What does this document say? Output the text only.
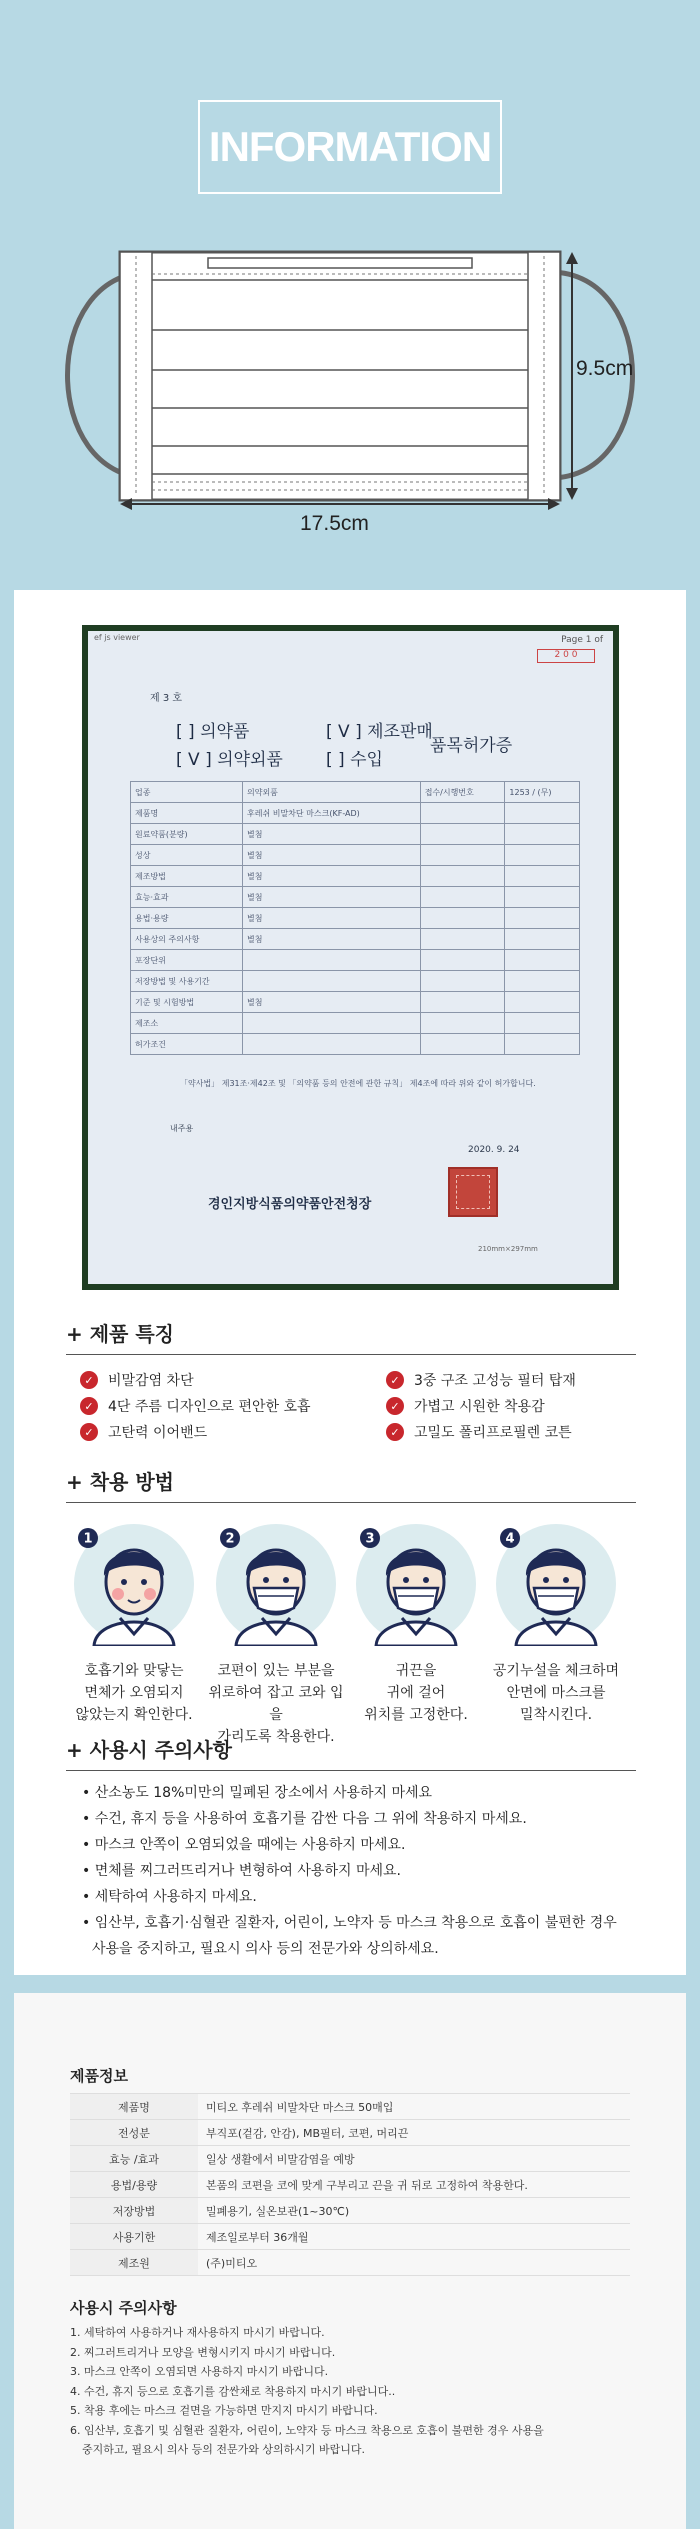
INFORMATION
17.5cm
9.5cm
ef js viewer	Page 1 of
2 0 0
제 3 호
[ ] 의약품
[ V ] 의약외품
[ V ] 제조판매
[ ] 수입
품목허가증
업종	의약외품	접수/시행번호	1253 / (무)
제품명	후레쉬 비말차단 마스크(KF-AD)		
원료약품(분량)	별첨		
성상	별첨		
제조방법	별첨		
효능·효과	별첨		
용법·용량	별첨		
사용상의 주의사항	별첨		
포장단위			
저장방법 및 사용기간			
기준 및 시험방법	별첨		
제조소			
허가조건			
「약사법」 제31조·제42조 및 「의약품 등의 안전에 관한 규칙」 제4조에 따라 위와 같이 허가합니다.
내주용
2020. 9. 24
경인지방식품의약품안전청장
210mm×297mm
+ 제품 특징
✓	비말감염 차단	✓	3중 구조 고성능 필터 탑재
✓	4단 주름 디자인으로 편안한 호흡	✓	가볍고 시원한 착용감
✓	고탄력 이어밴드	✓	고밀도 폴리프로필렌 코튼
+ 착용 방법
1
호흡기와 맞닿는
면체가 오염되지
않았는지 확인한다.
2
코편이 있는 부분을
위로하여 잡고 코와 입을
가리도록 착용한다.
3
귀끈을
귀에 걸어
위치를 고정한다.
4
공기누설을 체크하며
안면에 마스크를
밀착시킨다.
+ 사용시 주의사항
• 산소농도 18%미만의 밀폐된 장소에서 사용하지 마세요
• 수건, 휴지 등을 사용하여 호흡기를 감싼 다음 그 위에 착용하지 마세요.
• 마스크 안쪽이 오염되었을 때에는 사용하지 마세요.
• 면체를 찌그러뜨리거나 변형하여 사용하지 마세요.
• 세탁하여 사용하지 마세요.
• 임산부, 호흡기·심혈관 질환자, 어린이, 노약자 등 마스크 착용으로 호흡이 불편한 경우
사용을 중지하고, 필요시 의사 등의 전문가와 상의하세요.
제품정보
제품명	미티오 후레쉬 비말차단 마스크 50매입
전성분	부직포(겉감, 안감), MB필터, 코편, 머리끈
효능 /효과	일상 생활에서 비말감염을 예방
용법/용량	본품의 코편을 코에 맞게 구부리고 끈을 귀 뒤로 고정하여 착용한다.
저장방법	밀폐용기, 실온보관(1~30℃)
사용기한	제조일로부터 36개월
제조원	(주)미티오
사용시 주의사항
1. 세탁하여 사용하거나 재사용하지 마시기 바랍니다.
2. 찌그러트리거나 모양을 변형시키지 마시기 바랍니다.
3. 마스크 안쪽이 오염되면 사용하지 마시기 바랍니다.
4. 수건, 휴지 등으로 호흡기를 감싼채로 착용하지 마시기 바랍니다..
5. 착용 후에는 마스크 겉면을 가능하면 만지지 마시기 바랍니다.
6. 임산부, 호흡기 및 심혈관 질환자, 어린이, 노약자 등 마스크 착용으로 호흡이 불편한 경우 사용을
중지하고, 필요시 의사 등의 전문가와 상의하시기 바랍니다.
